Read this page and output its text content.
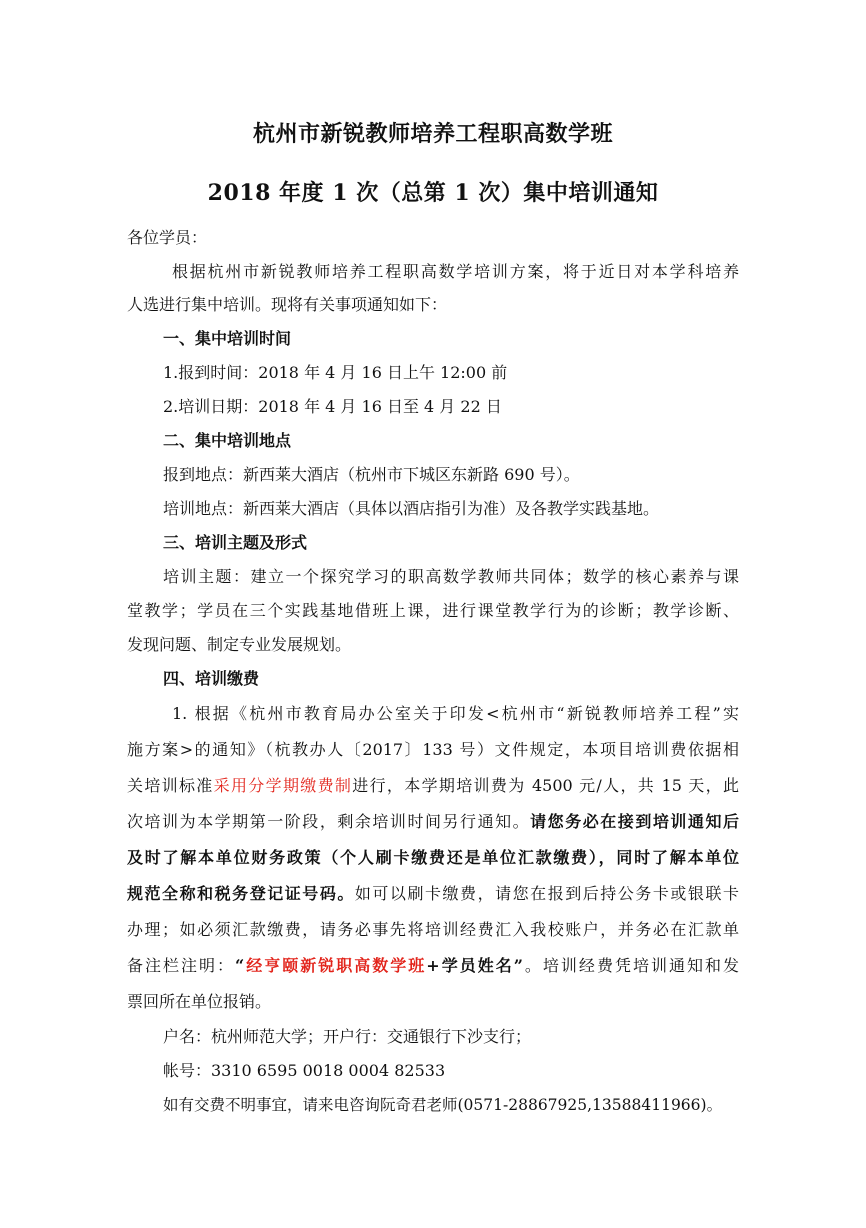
杭州市新锐教师培养工程职高数学班
2018 年度 1 次（总第 1 次）集中培训通知
各位学员：
根据杭州市新锐教师培养工程职高数学培训方案，将于近日对本学科培养
人选进行集中培训。现将有关事项通知如下：
一、集中培训时间
1.报到时间：2018 年 4 月 16 日上午 12:00 前
2.培训日期：2018 年 4 月 16 日至 4 月 22 日
二、集中培训地点
报到地点：新西莱大酒店（杭州市下城区东新路 690 号）。
培训地点：新西莱大酒店（具体以酒店指引为准）及各教学实践基地。
三、培训主题及形式
培训主题：建立一个探究学习的职高数学教师共同体；数学的核心素养与课
堂教学；学员在三个实践基地借班上课，进行课堂教学行为的诊断；教学诊断、
发现问题、制定专业发展规划。
四、培训缴费
1. 根据《杭州市教育局办公室关于印发<杭州市“新锐教师培养工程”实
施方案>的通知》（杭教办人〔2017〕133 号）文件规定，本项目培训费依据相
关培训标准采用分学期缴费制进行，本学期培训费为 4500 元/人，共 15 天，此
次培训为本学期第一阶段，剩余培训时间另行通知。请您务必在接到培训通知后
及时了解本单位财务政策（个人刷卡缴费还是单位汇款缴费），同时了解本单位
规范全称和税务登记证号码。如可以刷卡缴费，请您在报到后持公务卡或银联卡
办理；如必须汇款缴费，请务必事先将培训经费汇入我校账户，并务必在汇款单
备注栏注明：“经亨颐新锐职高数学班+学员姓名”。培训经费凭培训通知和发
票回所在单位报销。
户名：杭州师范大学；开户行：交通银行下沙支行；
帐号：3310 6595 0018 0004 82533
如有交费不明事宜，请来电咨询阮奇君老师(0571-28867925,13588411966)。
